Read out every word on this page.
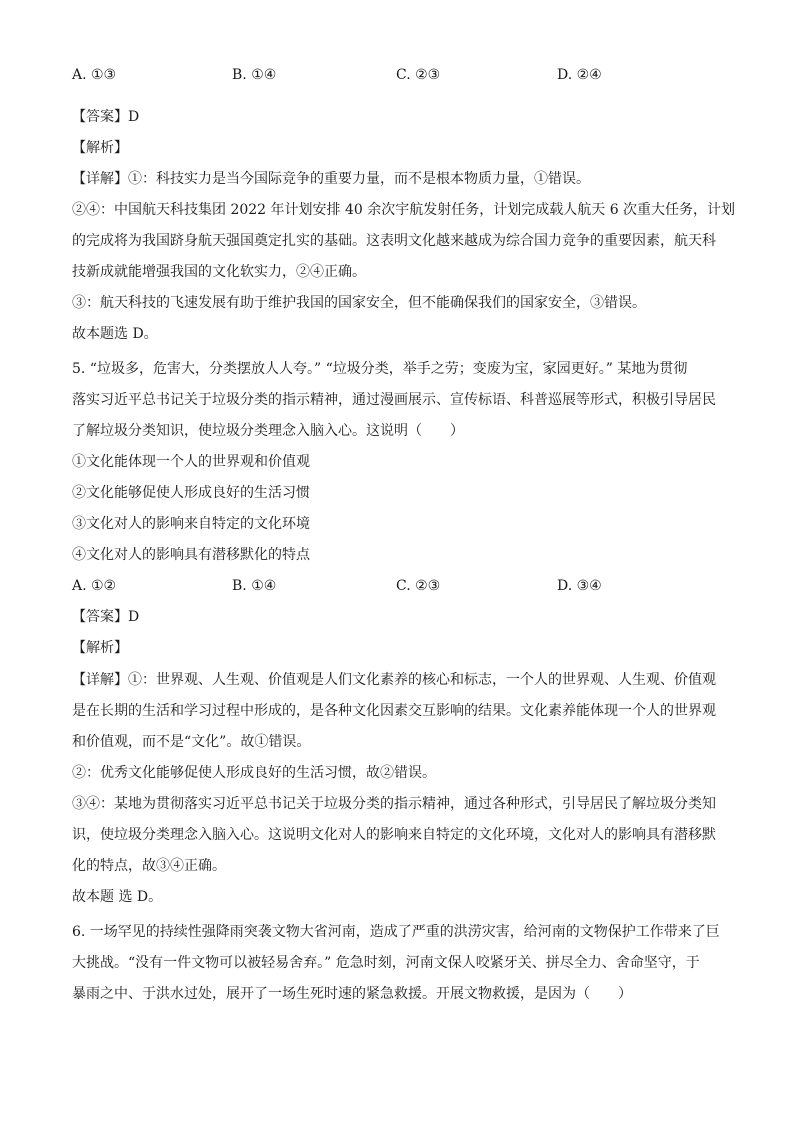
A. ①③	B. ①④	C. ②③	D. ②④
【答案】D
【解析】
【详解】①：科技实力是当今国际竞争的重要力量，而不是根本物质力量，①错误。
②④：中国航天科技集团 2022 年计划安排 40 余次宇航发射任务，计划完成载人航天 6 次重大任务，计划
的完成将为我国跻身航天强国奠定扎实的基础。这表明文化越来越成为综合国力竞争的重要因素，航天科
技新成就能增强我国的文化软实力，②④正确。
③：航天科技的飞速发展有助于维护我国的国家安全，但不能确保我们的国家安全，③错误。
故本题选 D。
5. “垃圾多，危害大，分类摆放人人夸。” “垃圾分类，举手之劳；变废为宝，家园更好。” 某地为贯彻
落实习近平总书记关于垃圾分类的指示精神，通过漫画展示、宣传标语、科普巡展等形式，积极引导居民
了解垃圾分类知识，使垃圾分类理念入脑入心。这说明（　　）
①文化能体现一个人的世界观和价值观
②文化能够促使人形成良好的生活习惯
③文化对人的影响来自特定的文化环境
④文化对人的影响具有潜移默化的特点
A. ①②	B. ①④	C. ②③	D. ③④
【答案】D
【解析】
【详解】①：世界观、人生观、价值观是人们文化素养的核心和标志，一个人的世界观、人生观、价值观
是在长期的生活和学习过程中形成的，是各种文化因素交互影响的结果。文化素养能体现一个人的世界观
和价值观，而不是“文化”。故①错误。
②：优秀文化能够促使人形成良好的生活习惯，故②错误。
③④：某地为贯彻落实习近平总书记关于垃圾分类的指示精神，通过各种形式，引导居民了解垃圾分类知
识，使垃圾分类理念入脑入心。这说明文化对人的影响来自特定的文化环境，文化对人的影响具有潜移默
化的特点，故③④正确。
故本题 选 D。
6. 一场罕见的持续性强降雨突袭文物大省河南，造成了严重的洪涝灾害，给河南的文物保护工作带来了巨
大挑战。“没有一件文物可以被轻易舍弃。” 危急时刻，河南文保人咬紧牙关、拼尽全力、舍命坚守，于
暴雨之中、于洪水过处，展开了一场生死时速的紧急救援。开展文物救援，是因为（　　）
